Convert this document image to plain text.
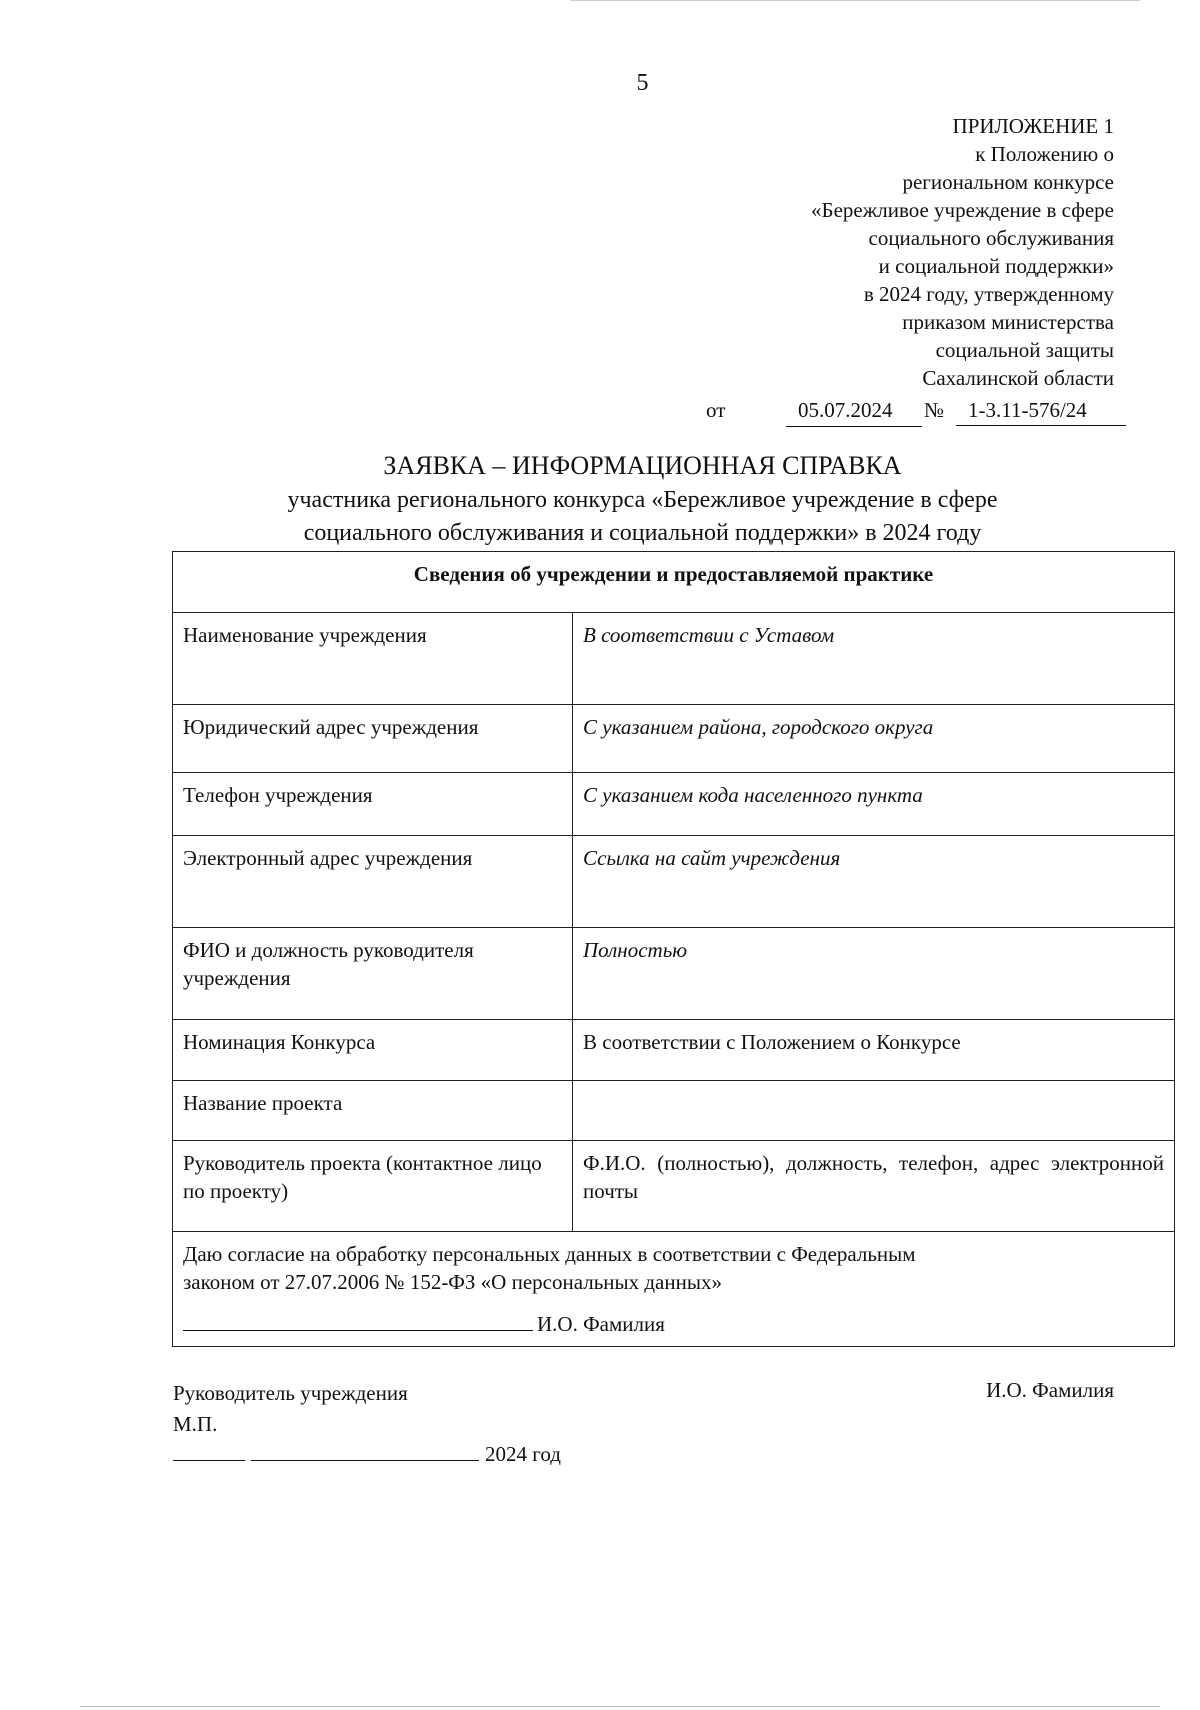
5
ПРИЛОЖЕНИЕ 1
к Положению о
региональном конкурсе
«Бережливое учреждение в сфере
социального обслуживания
и социальной поддержки»
в 2024 году, утвержденному
приказом министерства
социальной защиты
Сахалинской области
от	05.07.2024	№	1-3.11-576/24
ЗАЯВКА – ИНФОРМАЦИОННАЯ СПРАВКА
участника регионального конкурса «Бережливое учреждение в сфере
социального обслуживания и социальной поддержки» в 2024 году
Сведения об учреждении и предоставляемой практике	
Наименование учреждения	В соответствии с Уставом
Юридический адрес учреждения	С указанием района, городского округа
Телефон учреждения	С указанием кода населенного пункта
Электронный адрес учреждения	Ссылка на сайт учреждения
ФИО и должность руководителя учреждения	Полностью
Номинация Конкурса	В соответствии с Положением о Конкурсе
Название проекта	
Руководитель проекта (контактное лицо по проекту)	Ф.И.О. (полностью), должность, телефон, адрес электронной почты

Даю согласие на обработку персональных данных в соответствии с Федеральным
законом от 27.07.2006 № 152-ФЗ «О персональных данных»
И.О. Фамилия	
Руководитель учреждения
М.П.
И.О. Фамилия
2024 год
